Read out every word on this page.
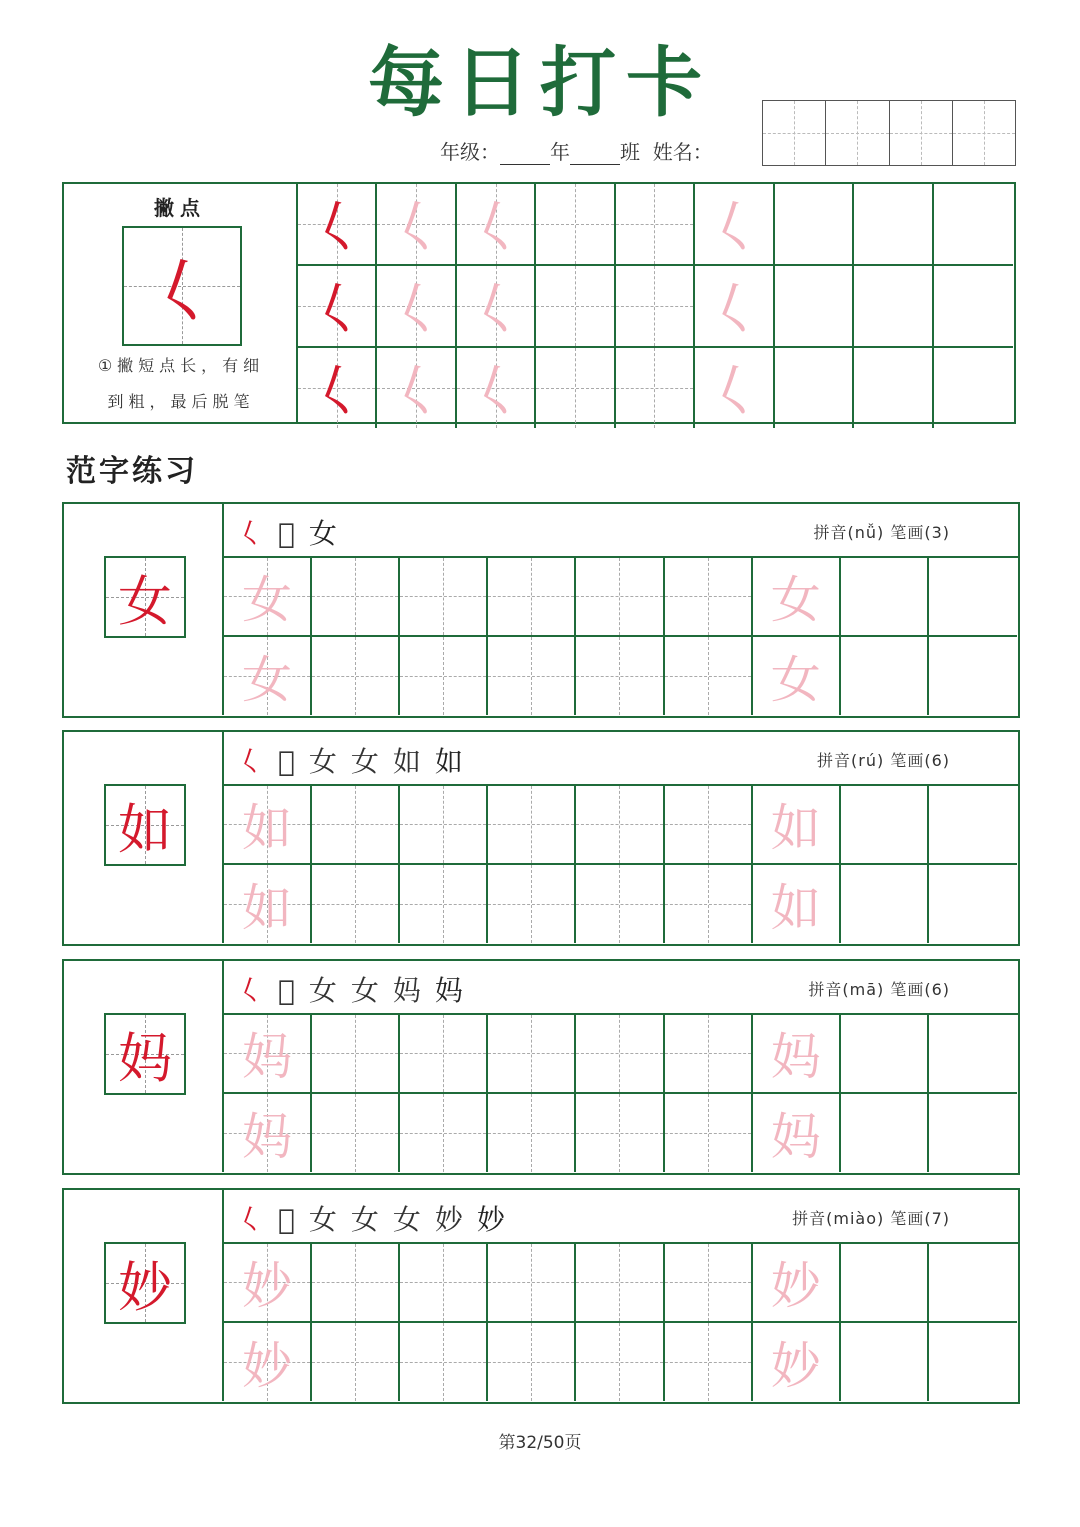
每日打卡
年级：	年	班 姓名：
撇点
𡿨
①撇短点长，有细
到粗，最后脱笔
𡿨 𡿨 𡿨	𡿨
𡿨 𡿨 𡿨	𡿨
𡿨 𡿨 𡿨	𡿨
范字练习
女
𡿨 𡛊 女	拼音(nǚ) 笔画(3)
女	女
女	女
如
𡿨 𡛊 女 女 如 如	拼音(rú) 笔画(6)
如	如
如	如
妈
𡿨 𡛊 女 女 妈 妈	拼音(mā) 笔画(6)
妈	妈
妈	妈
妙
𡿨 𡛊 女 女 女 妙 妙	拼音(miào) 笔画(7)
妙	妙
妙	妙
第32/50页
